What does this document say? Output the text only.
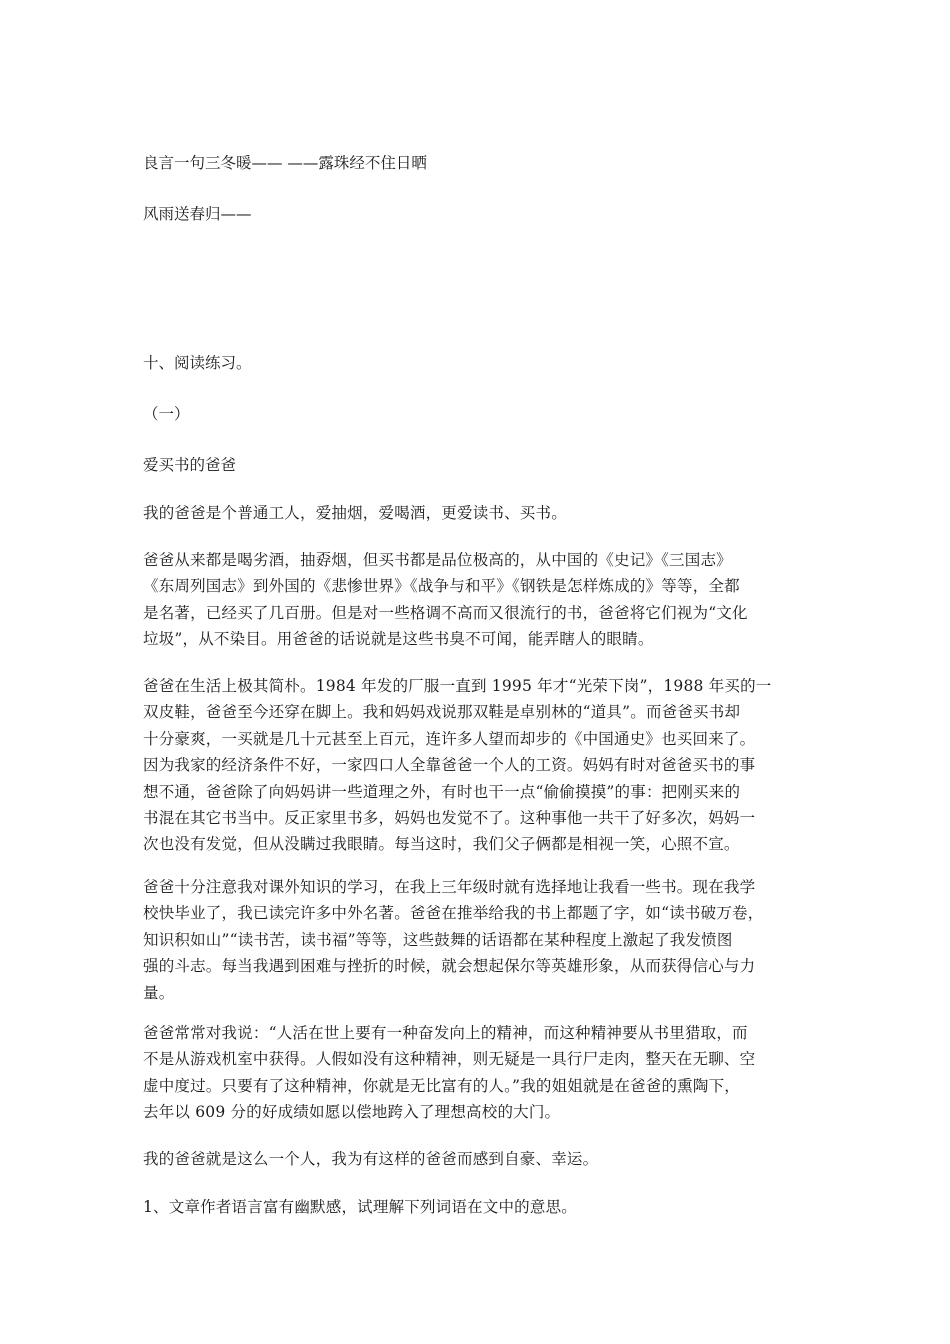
良言一句三冬暖—— ——露珠经不住日晒

风雨送春归——

十、阅读练习。

（一）

爱买书的爸爸

我的爸爸是个普通工人，爱抽烟，爱喝酒，更爱读书、买书。
爸爸从来都是喝劣酒，抽孬烟，但买书都是品位极高的，从中国的《史记》《三国志》
《东周列国志》到外国的《悲惨世界》《战争与和平》《钢铁是怎样炼成的》等等，全都
是名著，已经买了几百册。但是对一些格调不高而又很流行的书，爸爸将它们视为“文化
垃圾”，从不染目。用爸爸的话说就是这些书臭不可闻，能弄瞎人的眼睛。
爸爸在生活上极其简朴。1984 年发的厂服一直到 1995 年才“光荣下岗”，1988 年买的一
双皮鞋，爸爸至今还穿在脚上。我和妈妈戏说那双鞋是卓别林的“道具”。而爸爸买书却
十分豪爽，一买就是几十元甚至上百元，连许多人望而却步的《中国通史》也买回来了。
因为我家的经济条件不好，一家四口人全靠爸爸一个人的工资。妈妈有时对爸爸买书的事
想不通，爸爸除了向妈妈讲一些道理之外，有时也干一点“偷偷摸摸”的事：把刚买来的
书混在其它书当中。反正家里书多，妈妈也发觉不了。这种事他一共干了好多次，妈妈一
次也没有发觉，但从没瞒过我眼睛。每当这时，我们父子俩都是相视一笑，心照不宣。
爸爸十分注意我对课外知识的学习，在我上三年级时就有选择地让我看一些书。现在我学
校快毕业了，我已读完许多中外名著。爸爸在推举给我的书上都题了字，如“读书破万卷，
知识积如山”“读书苦，读书福”等等，这些鼓舞的话语都在某种程度上激起了我发愤图
强的斗志。每当我遇到困难与挫折的时候，就会想起保尔等英雄形象，从而获得信心与力
量。
爸爸常常对我说：“人活在世上要有一种奋发向上的精神，而这种精神要从书里猎取，而
不是从游戏机室中获得。人假如没有这种精神，则无疑是一具行尸走肉，整天在无聊、空
虚中度过。只要有了这种精神，你就是无比富有的人。”我的姐姐就是在爸爸的熏陶下，
去年以 609 分的好成绩如愿以偿地跨入了理想高校的大门。
我的爸爸就是这么一个人，我为有这样的爸爸而感到自豪、幸运。
1、文章作者语言富有幽默感，试理解下列词语在文中的意思。
